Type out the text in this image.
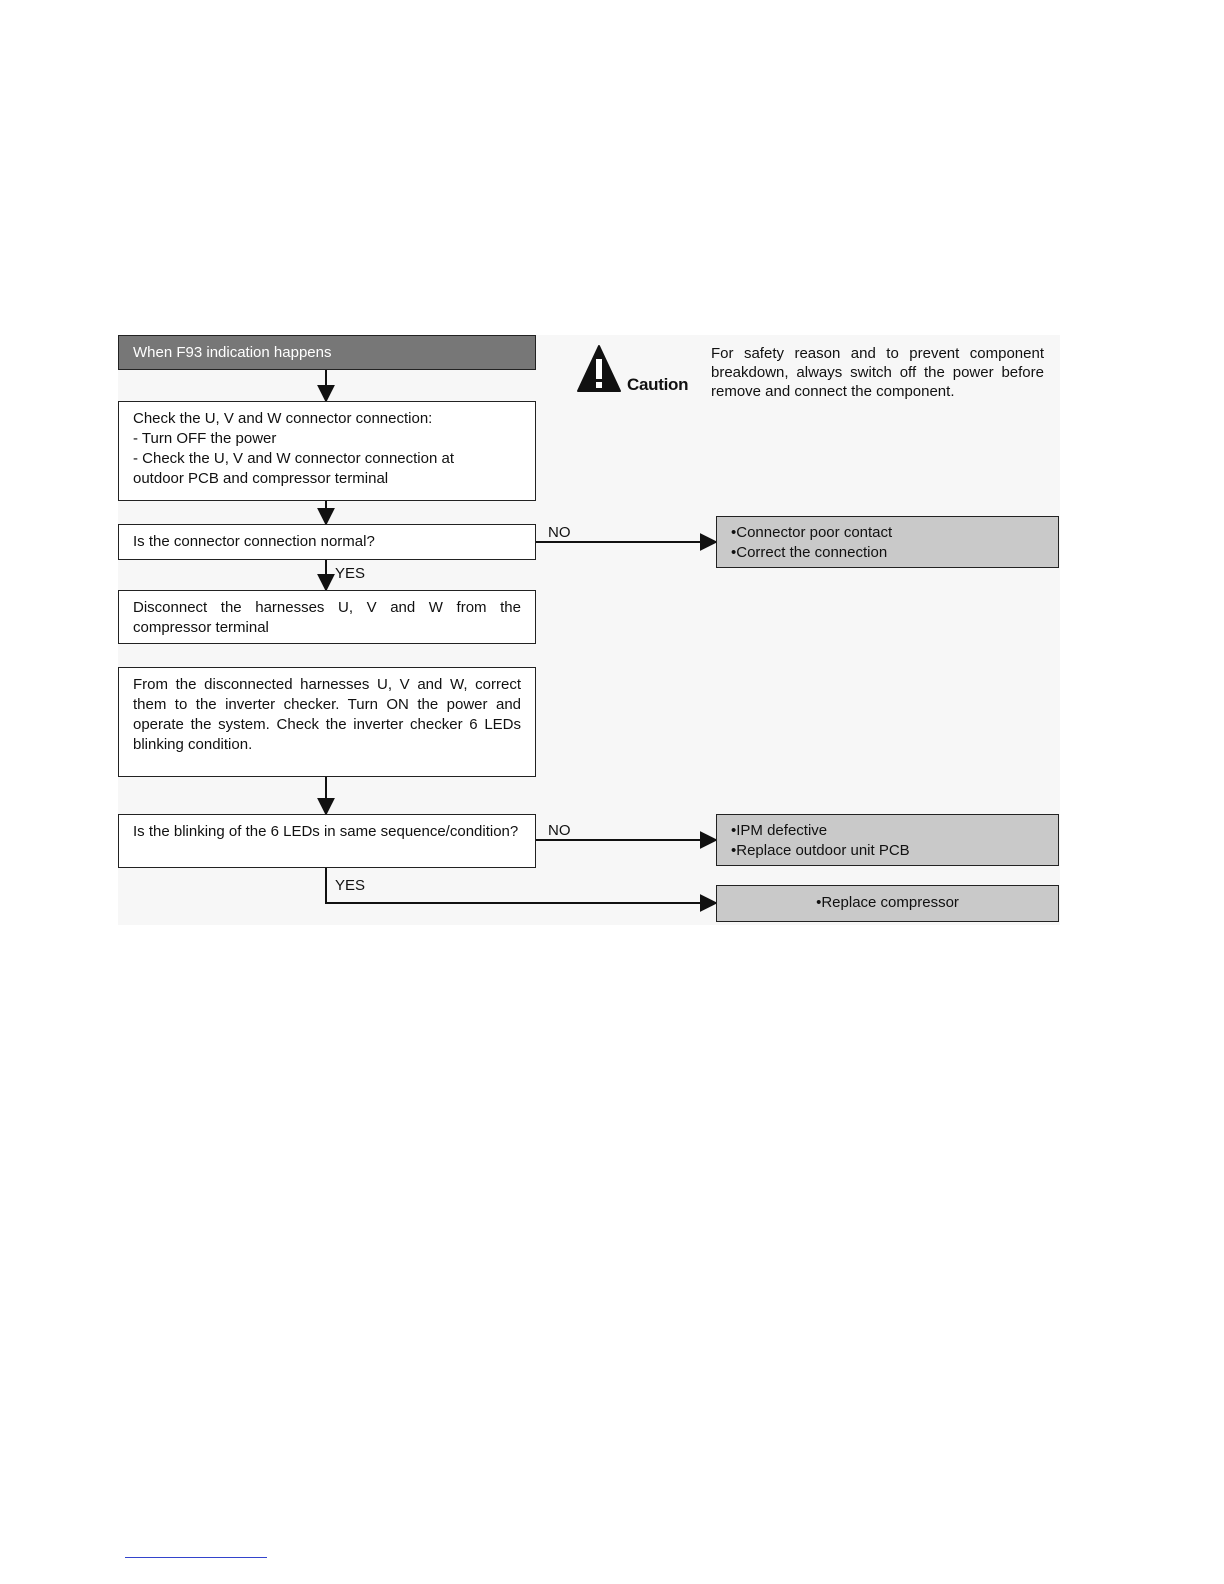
When F93 indication happens
Caution
For safety reason and to prevent component breakdown, always switch off the power before remove and connect the component.
Check the U, V and W connector connection:
- Turn OFF the power
- Check the U, V and W connector connection at
outdoor PCB and compressor terminal
Is the connector connection normal?
NO
YES
•Connector poor contact
•Correct the connection
Disconnect the harnesses U, V and W from the compressor terminal
From the disconnected harnesses U, V and W, correct them to the inverter checker. Turn ON the power and operate the system. Check the inverter checker 6 LEDs blinking condition.
Is the blinking of the 6 LEDs in same sequence/condition?	NO
YES
•IPM defective
•Replace outdoor unit PCB
•Replace compressor
